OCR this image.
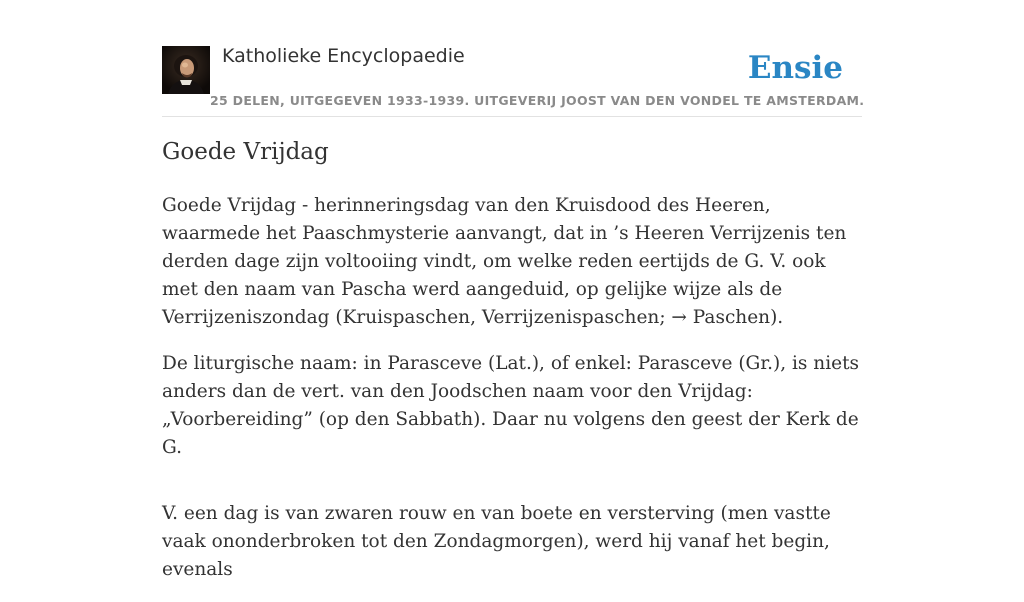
Katholieke Encyclopaedie
25 DELEN, UITGEGEVEN 1933-1939. UITGEVERIJ JOOST VAN DEN VONDEL TE AMSTERDAM.
Ensie
Goede Vrijdag

Goede Vrijdag - herinneringsdag van den Kruisdood des Heeren, waarmede het Paaschmysterie aanvangt, dat in ’s Heeren Verrijzenis ten derden dage zijn voltooiing vindt, om welke reden eertijds de G. V. ook met den naam van Pascha werd aangeduid, op gelijke wijze als de Verrijzeniszondag (Kruispaschen, Verrijzenispaschen; → Paschen).

De liturgische naam: in Parasceve (Lat.), of enkel: Parasceve (Gr.), is niets anders dan de vert. van den Joodschen naam voor den Vrijdag: „Voorbereiding” (op den Sabbath). Daar nu volgens den geest der Kerk de G.

V. een dag is van zwaren rouw en van boete en versterving (men vastte vaak ononderbroken tot den Zondagmorgen), werd hij vanaf het begin, evenals
